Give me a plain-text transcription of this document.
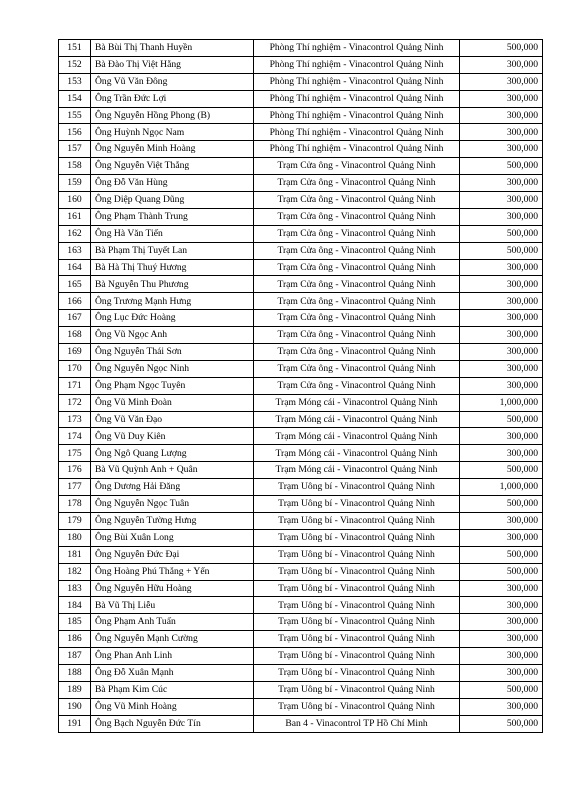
151	Bà Bùi Thị Thanh Huyền	Phòng Thí nghiệm - Vinacontrol Quảng Ninh	500,000
152	Bà Đào Thị Việt Hằng	Phòng Thí nghiệm - Vinacontrol Quảng Ninh	300,000
153	Ông Vũ Văn Đông	Phòng Thí nghiệm - Vinacontrol Quảng Ninh	300,000
154	Ông Trần Đức Lợi	Phòng Thí nghiệm - Vinacontrol Quảng Ninh	300,000
155	Ông Nguyễn Hồng Phong (B)	Phòng Thí nghiệm - Vinacontrol Quảng Ninh	300,000
156	Ông Huỳnh Ngọc Nam	Phòng Thí nghiệm - Vinacontrol Quảng Ninh	300,000
157	Ông Nguyễn Minh Hoàng	Phòng Thí nghiệm - Vinacontrol Quảng Ninh	300,000
158	Ông Nguyễn Việt Thắng	Trạm Cửa ông - Vinacontrol Quảng Ninh	500,000
159	Ông Đỗ Văn Hùng	Trạm Cửa ông - Vinacontrol Quảng Ninh	300,000
160	Ông Diệp Quang Dũng	Trạm Cửa ông - Vinacontrol Quảng Ninh	300,000
161	Ông Phạm Thành Trung	Trạm Cửa ông - Vinacontrol Quảng Ninh	300,000
162	Ông Hà Văn Tiến	Trạm Cửa ông - Vinacontrol Quảng Ninh	500,000
163	Bà Phạm Thị Tuyết Lan	Trạm Cửa ông - Vinacontrol Quảng Ninh	500,000
164	Bà Hà Thị Thuý Hương	Trạm Cửa ông - Vinacontrol Quảng Ninh	300,000
165	Bà Nguyễn Thu Phương	Trạm Cửa ông - Vinacontrol Quảng Ninh	300,000
166	Ông Trương Mạnh Hưng	Trạm Cửa ông - Vinacontrol Quảng Ninh	300,000
167	Ông Lục Đức Hoàng	Trạm Cửa ông - Vinacontrol Quảng Ninh	300,000
168	Ông Vũ Ngọc Anh	Trạm Cửa ông - Vinacontrol Quảng Ninh	300,000
169	Ông Nguyễn Thái Sơn	Trạm Cửa ông - Vinacontrol Quảng Ninh	300,000
170	Ông Nguyễn Ngọc Ninh	Trạm Cửa ông - Vinacontrol Quảng Ninh	300,000
171	Ông Phạm Ngọc Tuyên	Trạm Cửa ông - Vinacontrol Quảng Ninh	300,000
172	Ông Vũ Minh Đoàn	Trạm Móng cái - Vinacontrol Quảng Ninh	1,000,000
173	Ông Vũ Văn Đạo	Trạm Móng cái - Vinacontrol Quảng Ninh	500,000
174	Ông Vũ Duy Kiên	Trạm Móng cái - Vinacontrol Quảng Ninh	300,000
175	Ông Ngô Quang Lượng	Trạm Móng cái - Vinacontrol Quảng Ninh	300,000
176	Bà Vũ Quỳnh Anh + Quân	Trạm Móng cái - Vinacontrol Quảng Ninh	500,000
177	Ông Dương Hải Đăng	Trạm Uông bí - Vinacontrol Quảng Ninh	1,000,000
178	Ông Nguyễn Ngọc Tuân	Trạm Uông bí - Vinacontrol Quảng Ninh	500,000
179	Ông Nguyễn Tường Hưng	Trạm Uông bí - Vinacontrol Quảng Ninh	300,000
180	Ông Bùi Xuân Long	Trạm Uông bí - Vinacontrol Quảng Ninh	300,000
181	Ông Nguyễn Đức Đại	Trạm Uông bí - Vinacontrol Quảng Ninh	500,000
182	Ông Hoàng Phú Thắng + Yến	Trạm Uông bí - Vinacontrol Quảng Ninh	500,000
183	Ông Nguyễn Hữu Hoàng	Trạm Uông bí - Vinacontrol Quảng Ninh	300,000
184	Bà Vũ Thị Liễu	Trạm Uông bí - Vinacontrol Quảng Ninh	300,000
185	Ông Phạm Anh Tuấn	Trạm Uông bí - Vinacontrol Quảng Ninh	300,000
186	Ông Nguyễn Mạnh Cường	Trạm Uông bí - Vinacontrol Quảng Ninh	300,000
187	Ông Phan Anh Linh	Trạm Uông bí - Vinacontrol Quảng Ninh	300,000
188	Ông Đỗ Xuân Mạnh	Trạm Uông bí - Vinacontrol Quảng Ninh	300,000
189	Bà Phạm Kim Cúc	Trạm Uông bí - Vinacontrol Quảng Ninh	500,000
190	Ông Vũ Minh Hoàng	Trạm Uông bí - Vinacontrol Quảng Ninh	300,000
191	Ông Bạch Nguyễn Đức Tín	Ban 4 - Vinacontrol TP Hồ Chí Minh	500,000
